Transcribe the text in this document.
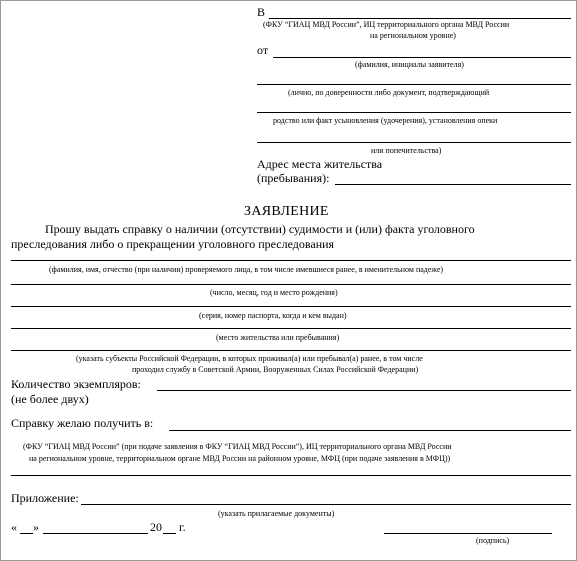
В
(ФКУ “ГИАЦ МВД России”, ИЦ территориального органа МВД России
на региональном уровне)
от
(фамилия, инициалы заявителя)
(лично, по доверенности либо документ, подтверждающий
родство или факт усыновления (удочерения), установления опеки
или попечительства)
Адрес места жительства
(пребывания):
ЗАЯВЛЕНИЕ
Прошу выдать справку о наличии (отсутствии) судимости и (или) факта уголовного
преследования либо о прекращении уголовного преследования
(фамилия, имя, отчество (при наличии) проверяемого лица, в том числе имевшиеся ранее, в именительном падеже)
(число, месяц, год и место рождения)
(серия, номер паспорта, когда и кем выдан)
(место жительства или пребывания)
(указать субъекты Российской Федерации, в которых проживал(а) или пребывал(а) ранее, в том числе
проходил службу в Советской Армии, Вооруженных Силах Российской Федерации)
Количество экземпляров:
(не более двух)
Справку желаю получить в:
(ФКУ “ГИАЦ МВД России” (при подаче заявления в ФКУ “ГИАЦ МВД России”), ИЦ территориального органа МВД России
на региональном уровне, территориальном органе МВД России на районном уровне, МФЦ (при подаче заявления в МФЦ))
Приложение:
(указать прилагаемые документы)
« »	20 г.
(подпись)
